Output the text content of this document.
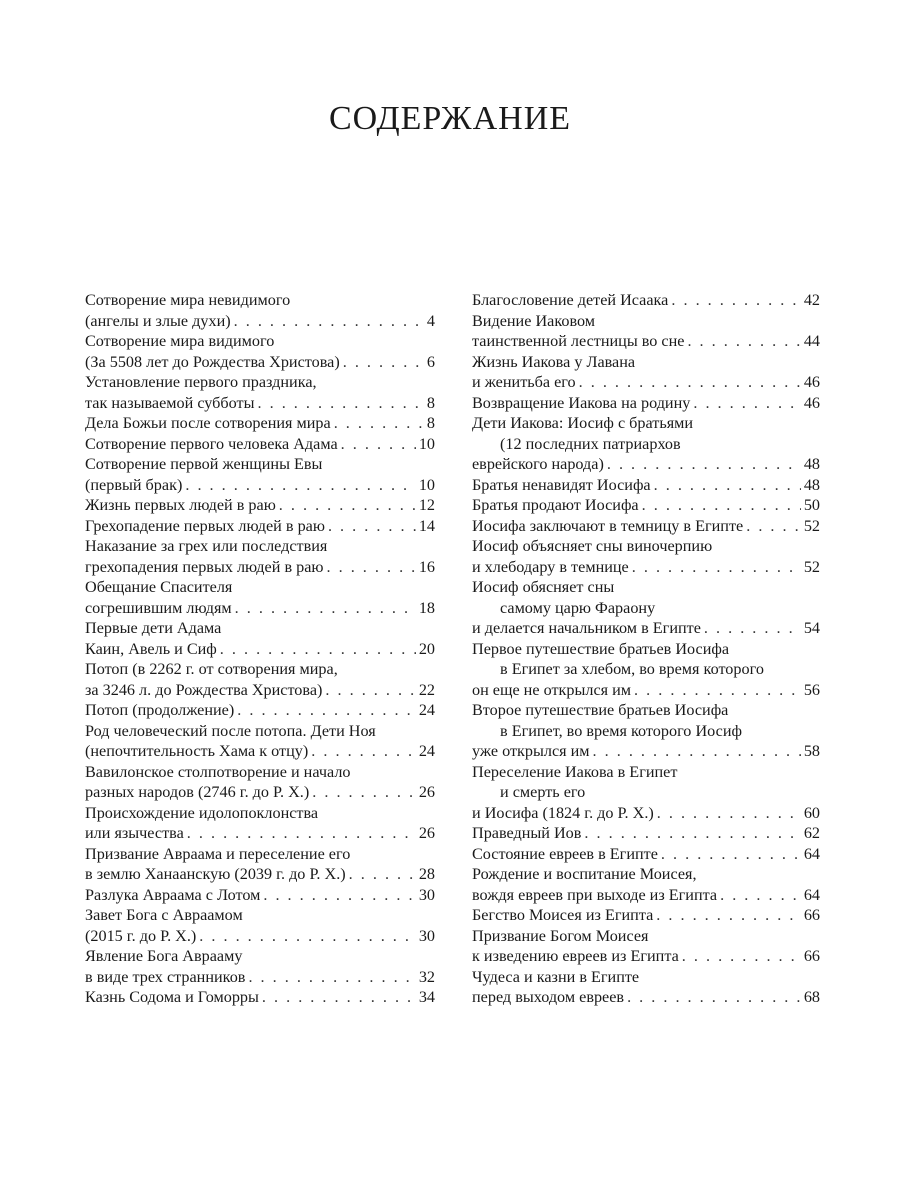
СОДЕРЖАНИЕ
Сотворение мира невидимого
(ангелы и злые духи) . . .	4
Сотворение мира видимого
(За 5508 лет до Рождества Христова) . . .	6
Установление первого праздника,
так называемой субботы . . .	8
Дела Божьи после сотворения мира . . .	8
Сотворение первого человека Адама . . .	10
Сотворение первой женщины Евы
(первый брак) . . .	10
Жизнь первых людей в раю . . .	12
Грехопадение первых людей в раю . . .	14
Наказание за грех или последствия
грехопадения первых людей в раю . . .	16
Обещание Спасителя
согрешившим людям . . .	18
Первые дети Адама
Каин, Авель и Сиф . . .	20
Потоп (в 2262 г. от сотворения мира,
за 3246 л. до Рождества Христова) . . .	22
Потоп (продолжение) . . .	24
Род человеческий после потопа. Дети Ноя
(непочтительность Хама к отцу) . . .	24
Вавилонское столпотворение и начало
разных народов (2746 г. до Р. Х.) . . .	26
Происхождение идолопоклонства
или язычества . . .	26
Призвание Авраама и переселение его
в землю Ханаанскую (2039 г. до Р. Х.) . . .	28
Разлука Авраама с Лотом . . .	30
Завет Бога с Авраамом
(2015 г. до Р. Х.) . . .	30
Явление Бога Аврааму
в виде трех странников . . .	32
Казнь Содома и Гоморры . . .	34
Благословение детей Исаака . . .	42
Видение Иаковом
таинственной лестницы во сне . . .	44
Жизнь Иакова у Лавана
и женитьба его . . .	46
Возвращение Иакова на родину . . .	46
Дети Иакова: Иосиф с братьями
(12 последних патриархов
еврейского народа) . . .	48
Братья ненавидят Иосифа . . .	48
Братья продают Иосифа . . .	50
Иосифа заключают в темницу в Египте . . .	52
Иосиф объясняет сны виночерпию
и хлебодару в темнице . . .	52
Иосиф обясняет сны
самому царю Фараону
и делается начальником в Египте . . .	54
Первое путешествие братьев Иосифа
в Египет за хлебом, во время которого
он еще не открылся им . . .	56
Второе путешествие братьев Иосифа
в Египет, во время которого Иосиф
уже открылся им . . .	58
Переселение Иакова в Египет
и смерть его
и Иосифа (1824 г. до Р. Х.) . . .	60
Праведный Иов . . .	62
Состояние евреев в Египте . . .	64
Рождение и воспитание Моисея,
вождя евреев при выходе из Египта . . .	64
Бегство Моисея из Египта . . .	66
Призвание Богом Моисея
к изведению евреев из Египта . . .	66
Чудеса и казни в Египте
перед выходом евреев . . .	68
